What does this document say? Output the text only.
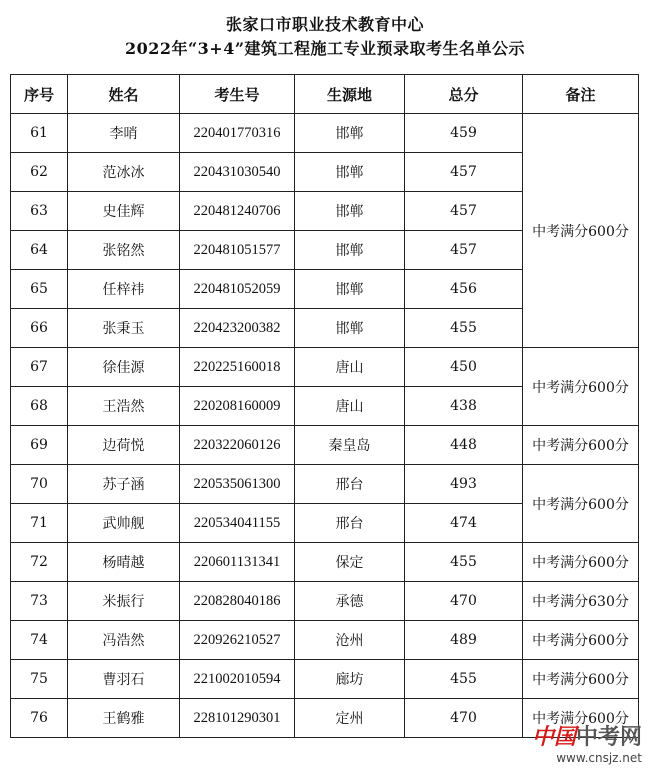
张家口市职业技术教育中心
2022年“3+4”建筑工程施工专业预录取考生名单公示
序号	姓名	考生号	生源地	总分	备注
61	李哨	220401770316	邯郸	459	中考满分600分
62	范冰冰	220431030540	邯郸	457	
63	史佳辉	220481240706	邯郸	457	
64	张铭然	220481051577	邯郸	457	
65	任梓祎	220481052059	邯郸	456	
66	张秉玉	220423200382	邯郸	455	
67	徐佳源	220225160018	唐山	450	中考满分600分
68	王浩然	220208160009	唐山	438	
69	边荷悦	220322060126	秦皇岛	448	中考满分600分
70	苏子涵	220535061300	邢台	493	中考满分600分
71	武帅舰	220534041155	邢台	474	
72	杨晴越	220601131341	保定	455	中考满分600分
73	米振行	220828040186	承德	470	中考满分630分
74	冯浩然	220926210527	沧州	489	中考满分600分
75	曹羽石	221002010594	廊坊	455	中考满分600分
76	王鹤雅	228101290301	定州	470	中考满分600分
中国中考网
www.cnsjz.net
